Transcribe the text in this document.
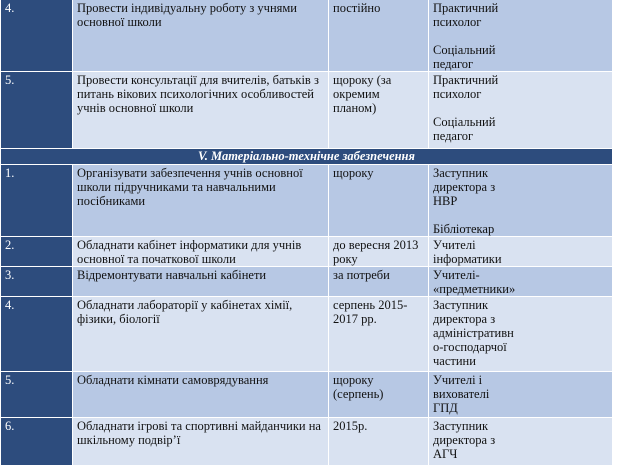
4.	Провести індивідуальну роботу з учнями основної школи	постійно	Практичний
психолог
Соціальний
педагог

5.	Провести консультації для вчителів, батьків з питань вікових психологічних особливостей учнів основної школи	щороку (за окремим планом)	Практичний
психолог
Соціальний
педагог

V. Матеріально-технічне забезпечення			
1.	Організувати забезпечення учнів основної школи підручниками та навчальними посібниками	щороку	Заступник
директора з
НВР
Бібліотекар

2.	Обладнати кабінет інформатики для учнів основної та початкової школи	до вересня 2013 року	Учителі
інформатики

3.	Відремонтувати навчальні кабінети	за потреби	Учителі-
«предметники»

4.	Обладнати лабораторії у кабінетах хімії, фізики, біології	серпень 2015-2017 рр.	Заступник
директора з
адміністративн
о-господарчої
частини

5.	Обладнати кімнати самоврядування	щороку (серпень)	Учителі і
вихователі
ГПД

6.	Обладнати ігрові та спортивні майданчики на шкільному подвір’ї	2015р.	Заступник
директора з
АГЧ
